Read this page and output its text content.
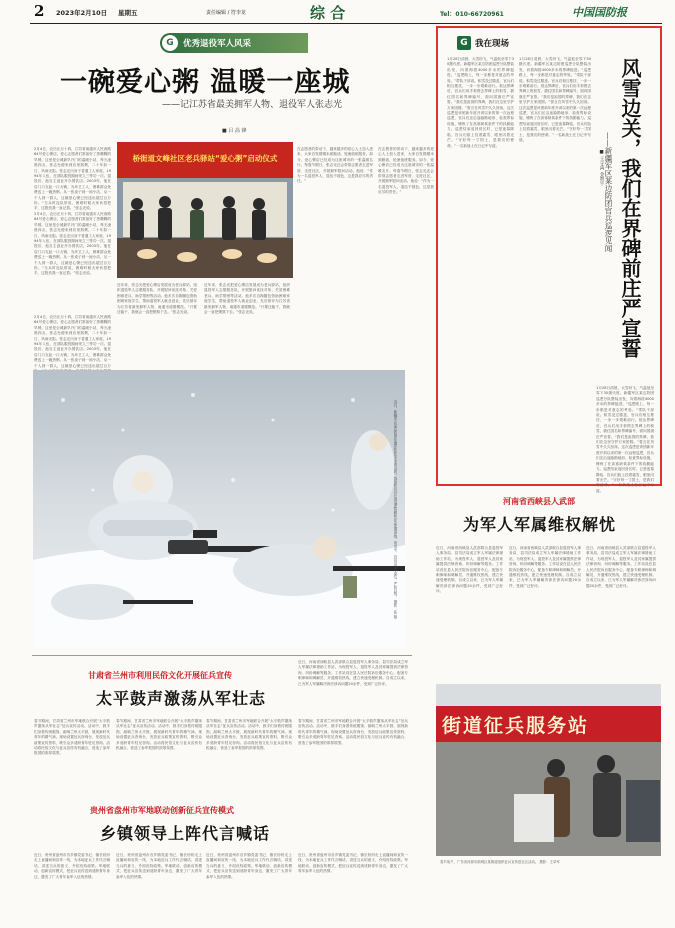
2 2023年2月10日 星期五	责任编辑 / 符李龙	综 合	Tel：010-66720961	中国国防报
G	优秀退役军人风采
一碗爱心粥 温暖一座城
——记江苏省最美拥军人物、退役军人张志光
■ 吕 高 锋
2月4日，农历正月十四，江苏省南通市人民西路64号爱心粥店，爱心志愿者们准备好了热腾腾的早餐。这里是全城最早开门的温暖小站，每天凌晨四点，张志光便来到店里熬粥，二十年如一日，风雨无阻。张志光出身于普通工人家庭，1994年入伍，在部队服役期间荣立三等功一次。退役后，他自主创业开办餐饮店。2003年，他在店门口支起一口大锅，为环卫工人、困难群众免费送上一碗热粥。从一张桌子到一间小店，从一个人到一群人，这碗爱心粥已经送出超过百万份。“当兵时连队常说，困难时候大家伙搭把手，这股劲我一直记着。”张志光说。
2月4日，农历正月十四，江苏省南通市人民西路64号爱心粥店，爱心志愿者们准备好了热腾腾的早餐。这里是全城最早开门的温暖小站，每天凌晨四点，张志光便来到店里熬粥，二十年如一日，风雨无阻。张志光出身于普通工人家庭，1994年入伍，在部队服役期间荣立三等功一次。退役后，他自主创业开办餐饮店。2003年，他在店门口支起一口大锅，为环卫工人、困难群众免费送上一碗热粥。从一张桌子到一间小店，从一个人到一群人，这碗爱心粥已经送出超过百万份。“当兵时连队常说，困难时候大家伙搭把手，这股劲我一直记着。”张志光说。
桥街道文峰社区老兵驿站“爱心粥”启动仪式
近年来，张志光把爱心粥店发展成为老兵驿站，组织退役军人志愿服务队，开展慰问优抚对象、关爱困难老兵、助学帮困等活动。他多次自掏腰包资助困难家庭学生，帮助退役军人就业创业，先后被评为江苏省最美拥军人物、南通市道德模范。“只要还能干，我就会一直把粥熬下去。”张志光说。
近年来，张志光把爱心粥店发展成为老兵驿站，组织退役军人志愿服务队，开展慰问优抚对象、关爱困难老兵、助学帮困等活动。他多次自掏腰包资助困难家庭学生，帮助退役军人就业创业，先后被评为江苏省最美拥军人物、南通市道德模范。“只要还能干，我就会一直把粥熬下去。”张志光说。
在志愿者的带动下，越来越多的爱心人士加入进来，大家自发捐赠米面粮油，轮流值班服务。如今，爱心粥店已经成为这座城市的一张温暖名片。每逢节假日，张志光还会带领志愿者走进军营、走进社区，开展拥军慰问活动。他说：“作为一名退役军人，退伍不褪色，这是我应尽的责任。”
在志愿者的带动下，越来越多的爱心人士加入进来，大家自发捐赠米面粮油，轮流值班服务。如今，爱心粥店已经成为这座城市的一张温暖名片。每逢节假日，张志光还会带领志愿者走进军营、走进社区，开展拥军慰问活动。他说：“作为一名退役军人，退伍不褪色，这是我应尽的责任。”
2月4日，农历正月十四，江苏省南通市人民西路64号爱心粥店，爱心志愿者们准备好了热腾腾的早餐。这里是全城最早开门的温暖小站，每天凌晨四点，张志光便来到店里熬粥，二十年如一日，风雨无阻。张志光出身于普通工人家庭，1994年入伍，在部队服役期间荣立三等功一次。退役后，他自主创业开办餐饮店。2003年，他在店门口支起一口大锅，为环卫工人、困难群众免费送上一碗热粥。从一张桌子到一间小店，从一个人到一群人，这碗爱心粥已经送出超过百万
近日，新疆军区某边防团在海拔4000多米的边防一线组织官兵开展巡逻执勤和应急处置训练。风雪中，官兵们坚守岗位、严阵以待。 摄影：张 磊
G 我在现场
1月28日清晨，大雪纷飞，气温低至零下30摄氏度。新疆军区某边防团巡逻分队整装出发，向着海拔4000多米的界碑挺进。“巡逻路上，每一步都是对意志的考验。”带队干部说。积雪没过膝盖，官兵们相互搀扶，一步一步艰难前行。抵达界碑后，官兵们用手套擦去界碑上的积雪，描红国名和界碑编号，面向国旗庄严宣誓。“我们是祖国的界碑，我们在这里守护万家团圆。”誓言在风雪中久久回荡。这次巡逻是该团新年度开训以来的第一次远程巡逻，官兵们还沿途踏勘地形、检查界标设施，锤炼了在高寒缺氧条件下的执勤能力。巡逻结束返回营区时，已是夜幕降临，官兵们脸上挂着霜雪，眼里闪着光芒。“守好每一寸国土，是我们的使命。”一名新战士在日记中写道。
1月28日清晨，大雪纷飞，气温低至零下30摄氏度。新疆军区某边防团巡逻分队整装出发，向着海拔4000多米的界碑挺进。“巡逻路上，每一步都是对意志的考验。”带队干部说。积雪没过膝盖，官兵们相互搀扶，一步一步艰难前行。抵达界碑后，官兵们用手套擦去界碑上的积雪，描红国名和界碑编号，面向国旗庄严宣誓。“我们是祖国的界碑，我们在这里守护万家团圆。”誓言在风雪中久久回荡。这次巡逻是该团新年度开训以来的第一次远程巡逻，官兵们还沿途踏勘地形、检查界标设施，锤炼了在高寒缺氧条件下的执勤能力。巡逻结束返回营区时，已是夜幕降临，官兵们脸上挂着霜雪，眼里闪着光芒。“守好每一寸国土，是我们的使命。”一名新战士在日记中写道。	风雪边关，我们在界碑前庄严宣誓
——新疆军区某边防团官兵巡逻见闻
■ 王守禹 金智宇
1月28日清晨，大雪纷飞，气温低至零下30摄氏度。新疆军区某边防团巡逻分队整装出发，向着海拔4000多米的界碑挺进。“巡逻路上，每一步都是对意志的考验。”带队干部说。积雪没过膝盖，官兵们相互搀扶，一步一步艰难前行。抵达界碑后，官兵们用手套擦去界碑上的积雪，描红国名和界碑编号，面向国旗庄严宣誓。“我们是祖国的界碑，我们在这里守护万家团圆。”誓言在风雪中久久回荡。这次巡逻是该团新年度开训以来的第一次远程巡逻，官兵们还沿途踏勘地形、检查界标设施，锤炼了在高寒缺氧条件下的执勤能力。巡逻结束返回营区时，已是夜幕降临，官兵们脸上挂着霜雪，眼里闪着光芒。“守好每一寸国土，是我们的使命。”一名新战士在日记中写道。
河南省西峡县人武部
为军人军属维权解忧
近日，河南省西峡县人武部联合县退役军人事务局、县司法局成立军人军属法律援助工作站，为现役军人、退役军人及其家属提供法律咨询、纠纷调解等服务。工作站设在县人民法院诉讼服务中心，配备专职律师和调解员，开通维权热线，建立快速受理机制。自成立以来，已为军人军属解决涉法涉诉问题20余件，受到广泛好评。
近日，河南省西峡县人武部联合县退役军人事务局、县司法局成立军人军属法律援助工作站，为现役军人、退役军人及其家属提供法律咨询、纠纷调解等服务。工作站设在县人民法院诉讼服务中心，配备专职律师和调解员，开通维权热线，建立快速受理机制。自成立以来，已为军人军属解决涉法涉诉问题20余件，受到广泛好评。
近日，河南省西峡县人武部联合县退役军人事务局、县司法局成立军人军属法律援助工作站，为现役军人、退役军人及其家属提供法律咨询、纠纷调解等服务。工作站设在县人民法院诉讼服务中心，配备专职律师和调解员，开通维权热线，建立快速受理机制。自成立以来，已为军人军属解决涉法涉诉问题20余件，受到广泛好评。
街道征兵服务站
春节前夕，广东省河源市源城区某街道组织征兵宣传进社区活动。 摄影：王卓军
甘肃省兰州市利用民俗文化开展征兵宣传
太平鼓声激荡从军壮志
春节期间，甘肃省兰州市军地联合开展“太平鼓声激荡从军壮志”征兵宣传活动。活动中，鼓手们身着传统服饰，敲响兰州太平鼓，展现新时代青年的精气神。现场设置征兵咨询台，发放征兵政策宣传资料，吸引众多适龄青年驻足咨询。活动将民俗文化与征兵宣传有机融合，营造了参军报国的浓厚氛围。
春节期间，甘肃省兰州市军地联合开展“太平鼓声激荡从军壮志”征兵宣传活动。活动中，鼓手们身着传统服饰，敲响兰州太平鼓，展现新时代青年的精气神。现场设置征兵咨询台，发放征兵政策宣传资料，吸引众多适龄青年驻足咨询。活动将民俗文化与征兵宣传有机融合，营造了参军报国的浓厚氛围。
春节期间，甘肃省兰州市军地联合开展“太平鼓声激荡从军壮志”征兵宣传活动。活动中，鼓手们身着传统服饰，敲响兰州太平鼓，展现新时代青年的精气神。现场设置征兵咨询台，发放征兵政策宣传资料，吸引众多适龄青年驻足咨询。活动将民俗文化与征兵宣传有机融合，营造了参军报国的浓厚氛围。
贵州省盘州市军地联动创新征兵宣传模式
乡镇领导上阵代言喊话
近日，贵州省盘州市各乡镇党委书记、镇长纷纷走上直播间和宣传一线，为本地征兵工作代言喊话，讲述当兵的意义、介绍优待政策。军地联动，创新宣传模式，把征兵宣传送到适龄青年身边，激发了广大青年参军入伍的热情。
近日，贵州省盘州市各乡镇党委书记、镇长纷纷走上直播间和宣传一线，为本地征兵工作代言喊话，讲述当兵的意义、介绍优待政策。军地联动，创新宣传模式，把征兵宣传送到适龄青年身边，激发了广大青年参军入伍的热情。
近日，贵州省盘州市各乡镇党委书记、镇长纷纷走上直播间和宣传一线，为本地征兵工作代言喊话，讲述当兵的意义、介绍优待政策。军地联动，创新宣传模式，把征兵宣传送到适龄青年身边，激发了广大青年参军入伍的热情。
春节期间，甘肃省兰州市军地联合开展“太平鼓声激荡从军壮志”征兵宣传活动。活动中，鼓手们身着传统服饰，敲响兰州太平鼓，展现新时代青年的精气神。现场设置征兵咨询台，发放征兵政策宣传资料，吸引众多适龄青年驻足咨询。活动将民俗文化与征兵宣传有机融合，营造了参军报国的浓厚氛围。
近日，贵州省盘州市各乡镇党委书记、镇长纷纷走上直播间和宣传一线，为本地征兵工作代言喊话，讲述当兵的意义、介绍优待政策。军地联动，创新宣传模式，把征兵宣传送到适龄青年身边，激发了广大青年参军入伍的热情。
近日，河南省西峡县人武部联合县退役军人事务局、县司法局成立军人军属法律援助工作站，为现役军人、退役军人及其家属提供法律咨询、纠纷调解等服务。工作站设在县人民法院诉讼服务中心，配备专职律师和调解员，开通维权热线，建立快速受理机制。自成立以来，已为军人军属解决涉法涉诉问题20余件，受到广泛好评。
